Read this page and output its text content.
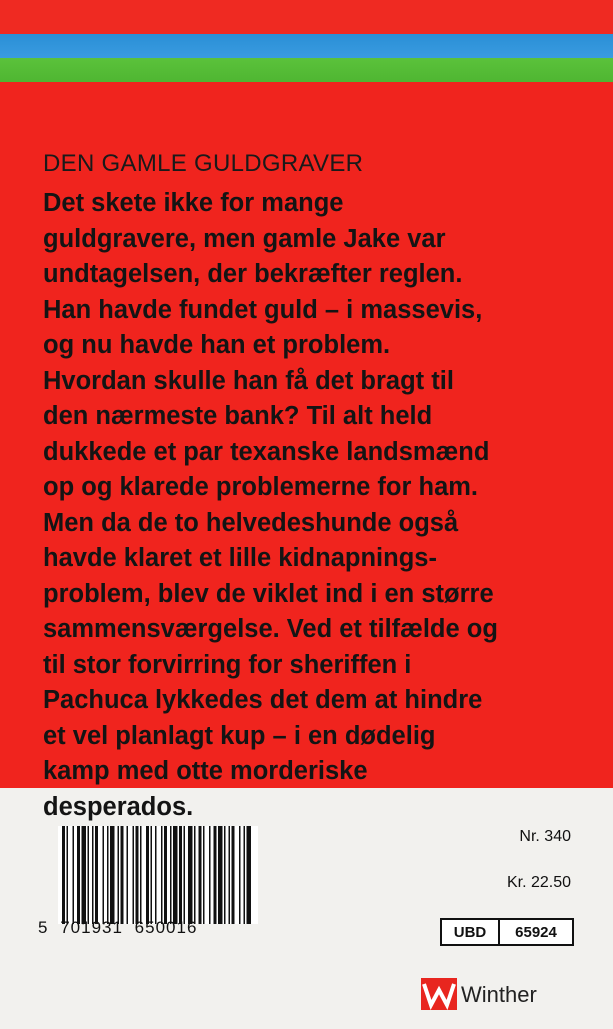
DEN GAMLE GULDGRAVER
Det skete ikke for mange
guldgravere, men gamle Jake var
undtagelsen, der bekræfter reglen.
Han havde fundet guld – i massevis,
og nu havde han et problem.
Hvordan skulle han få det bragt til
den nærmeste bank? Til alt held
dukkede et par texanske landsmænd
op og klarede problemerne for ham.
Men da de to helvedeshunde også
havde klaret et lille kidnapnings-
problem, blev de viklet ind i en større
sammensværgelse. Ved et tilfælde og
til stor forvirring for sheriffen i
Pachuca lykkedes det dem at hindre
et vel planlagt kup – i en dødelig
kamp med otte morderiske
desperados.
5 701931 650016
Nr. 340
Kr. 22.50
UBD	65924
Winther
